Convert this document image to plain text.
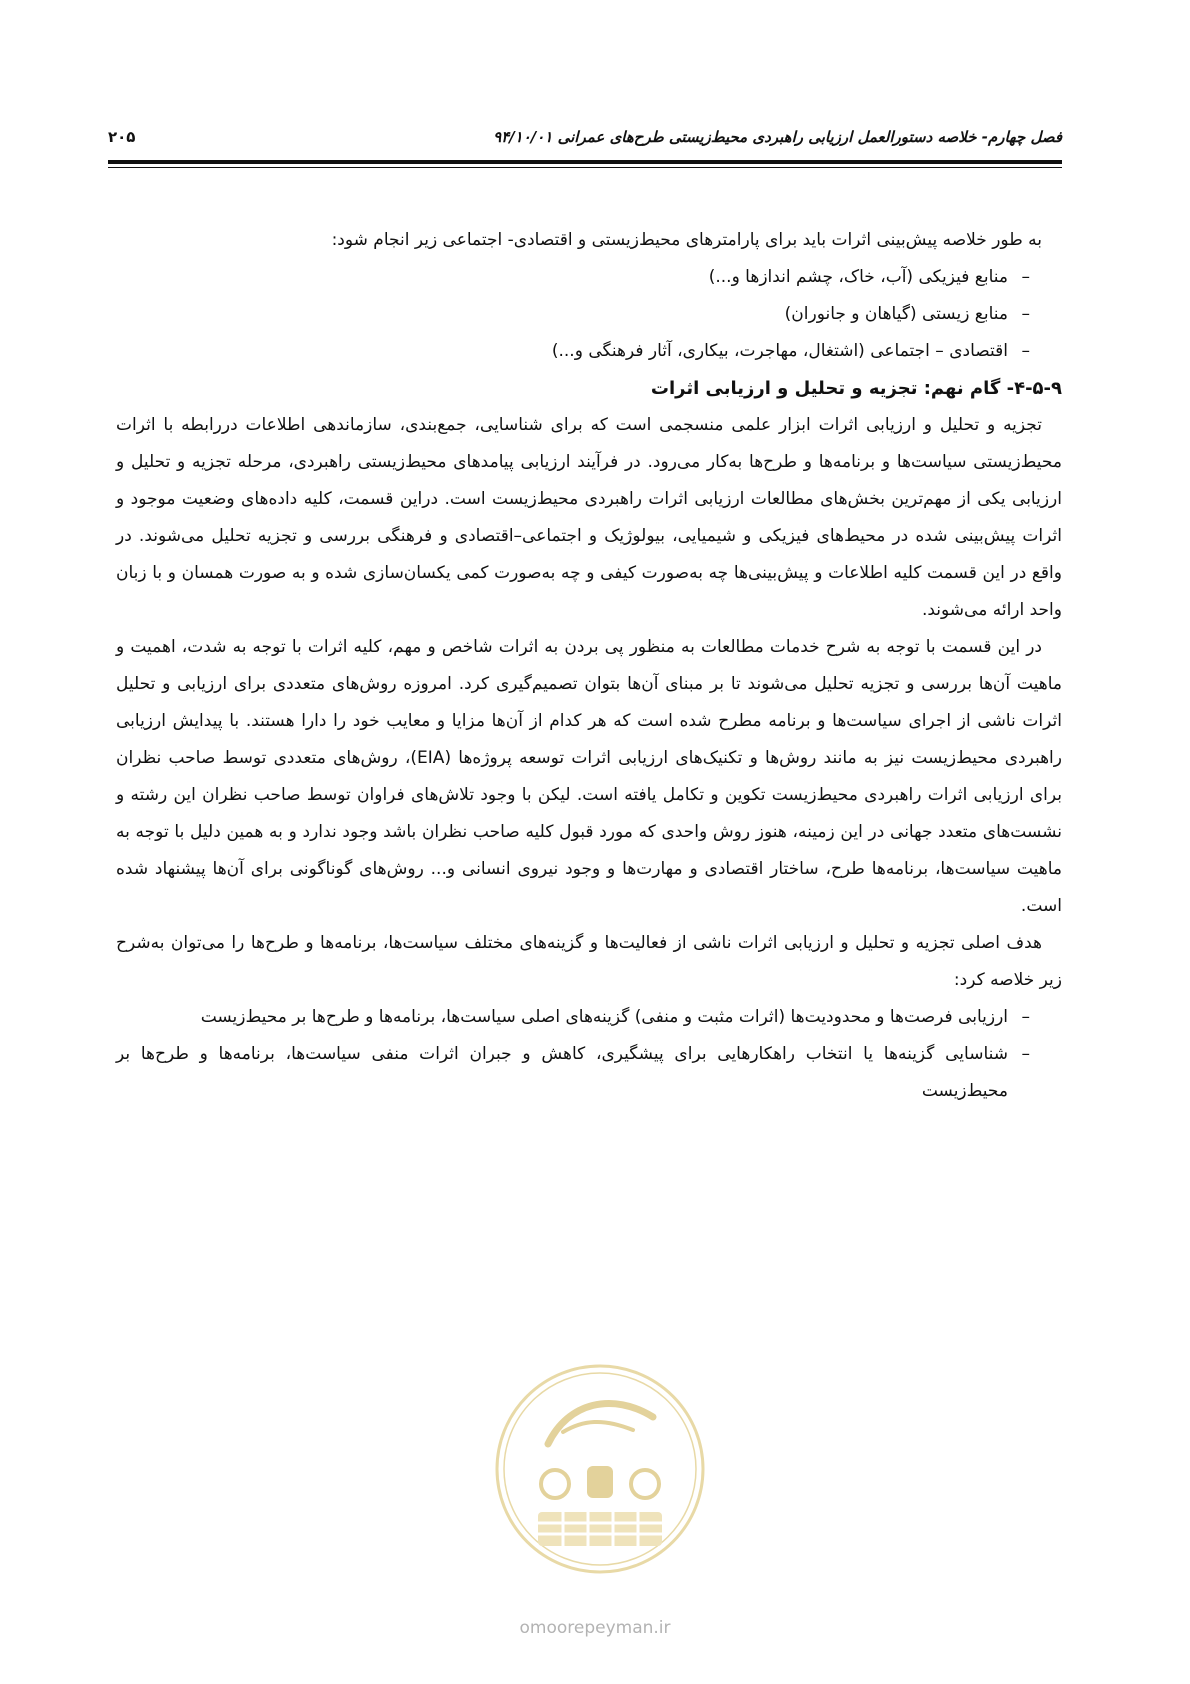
فصل چهارم- خلاصه دستورالعمل ارزیابی راهبردی محیط‌زیستی طرح‌های عمرانی ۹۴/۱۰/۰۱
۲۰۵

به طور خلاصه پیش‌بینی اثرات باید برای پارامترهای محیط‌زیستی و اقتصادی- اجتماعی زیر انجام شود:

–
منابع فیزیکی (آب، خاک، چشم اندازها و...)
–
منابع زیستی (گیاهان و جانوران)
–
اقتصادی – اجتماعی (اشتغال، مهاجرت، بیکاری، آثار فرهنگی و...)

۴-۵-۹- گام نهم: تجزیه و تحلیل و ارزیابی اثرات

تجزیه و تحلیل و ارزیابی اثرات ابزار علمی منسجمی است که برای شناسایی، جمع‌بندی، سازماندهی اطلاعات دررابطه با اثرات محیط‌زیستی سیاست‌ها و برنامه‌ها و طرح‌ها به‌کار می‌رود. در فرآیند ارزیابی پیامدهای محیط‌زیستی راهبردی، مرحله تجزیه و تحلیل و ارزیابی یکی از مهم‌ترین بخش‌های مطالعات ارزیابی اثرات راهبردی محیط‌زیست است. دراین قسمت، کلیه داده‌های وضعیت موجود و اثرات پیش‌بینی شده در محیط‌های فیزیکی و شیمیایی، بیولوژیک و اجتماعی–اقتصادی و فرهنگی بررسی و تجزیه تحلیل می‌شوند. در واقع در این قسمت کلیه اطلاعات و پیش‌بینی‌ها چه به‌صورت کیفی و چه به‌صورت کمی یکسان‌سازی شده و به صورت همسان و با زبان واحد ارائه می‌شوند.

در این قسمت با توجه به شرح خدمات مطالعات به منظور پی بردن به اثرات شاخص و مهم، کلیه اثرات با توجه به شدت، اهمیت و ماهیت آن‌ها بررسی و تجزیه تحلیل می‌شوند تا بر مبنای آن‌ها بتوان تصمیم‌گیری کرد. امروزه روش‌های متعددی برای ارزیابی و تحلیل اثرات ناشی از اجرای سیاست‌ها و برنامه مطرح شده است که هر کدام از آن‌ها مزایا و معایب خود را دارا هستند. با پیدایش ارزیابی راهبردی محیط‌زیست نیز به مانند روش‌ها و تکنیک‌های ارزیابی اثرات توسعه پروژه‌ها (EIA)، روش‌های متعددی توسط صاحب نظران برای ارزیابی اثرات راهبردی محیط‌زیست تکوین و تکامل یافته است. لیکن با وجود تلاش‌های فراوان توسط صاحب نظران این رشته و نشست‌های متعدد جهانی در این زمینه، هنوز روش واحدی که مورد قبول کلیه صاحب نظران باشد وجود ندارد و به همین دلیل با توجه به ماهیت سیاست‌ها، برنامه‌ها طرح، ساختار اقتصادی و مهارت‌ها و وجود نیروی انسانی و... روش‌های گوناگونی برای آن‌ها پیشنهاد شده است.

هدف اصلی تجزیه و تحلیل و ارزیابی اثرات ناشی از فعالیت‌ها و گزینه‌های مختلف سیاست‌ها، برنامه‌ها و طرح‌ها را می‌توان به‌شرح زیر خلاصه کرد:

–
ارزیابی فرصت‌ها و محدودیت‌ها (اثرات مثبت و منفی) گزینه‌های اصلی سیاست‌ها، برنامه‌ها و طرح‌ها بر محیط‌زیست
–
شناسایی گزینه‌ها یا انتخاب راهکارهایی برای پیشگیری، کاهش و جبران اثرات منفی سیاست‌ها، برنامه‌ها و طرح‌ها بر محیط‌زیست
omoorepeyman.ir
